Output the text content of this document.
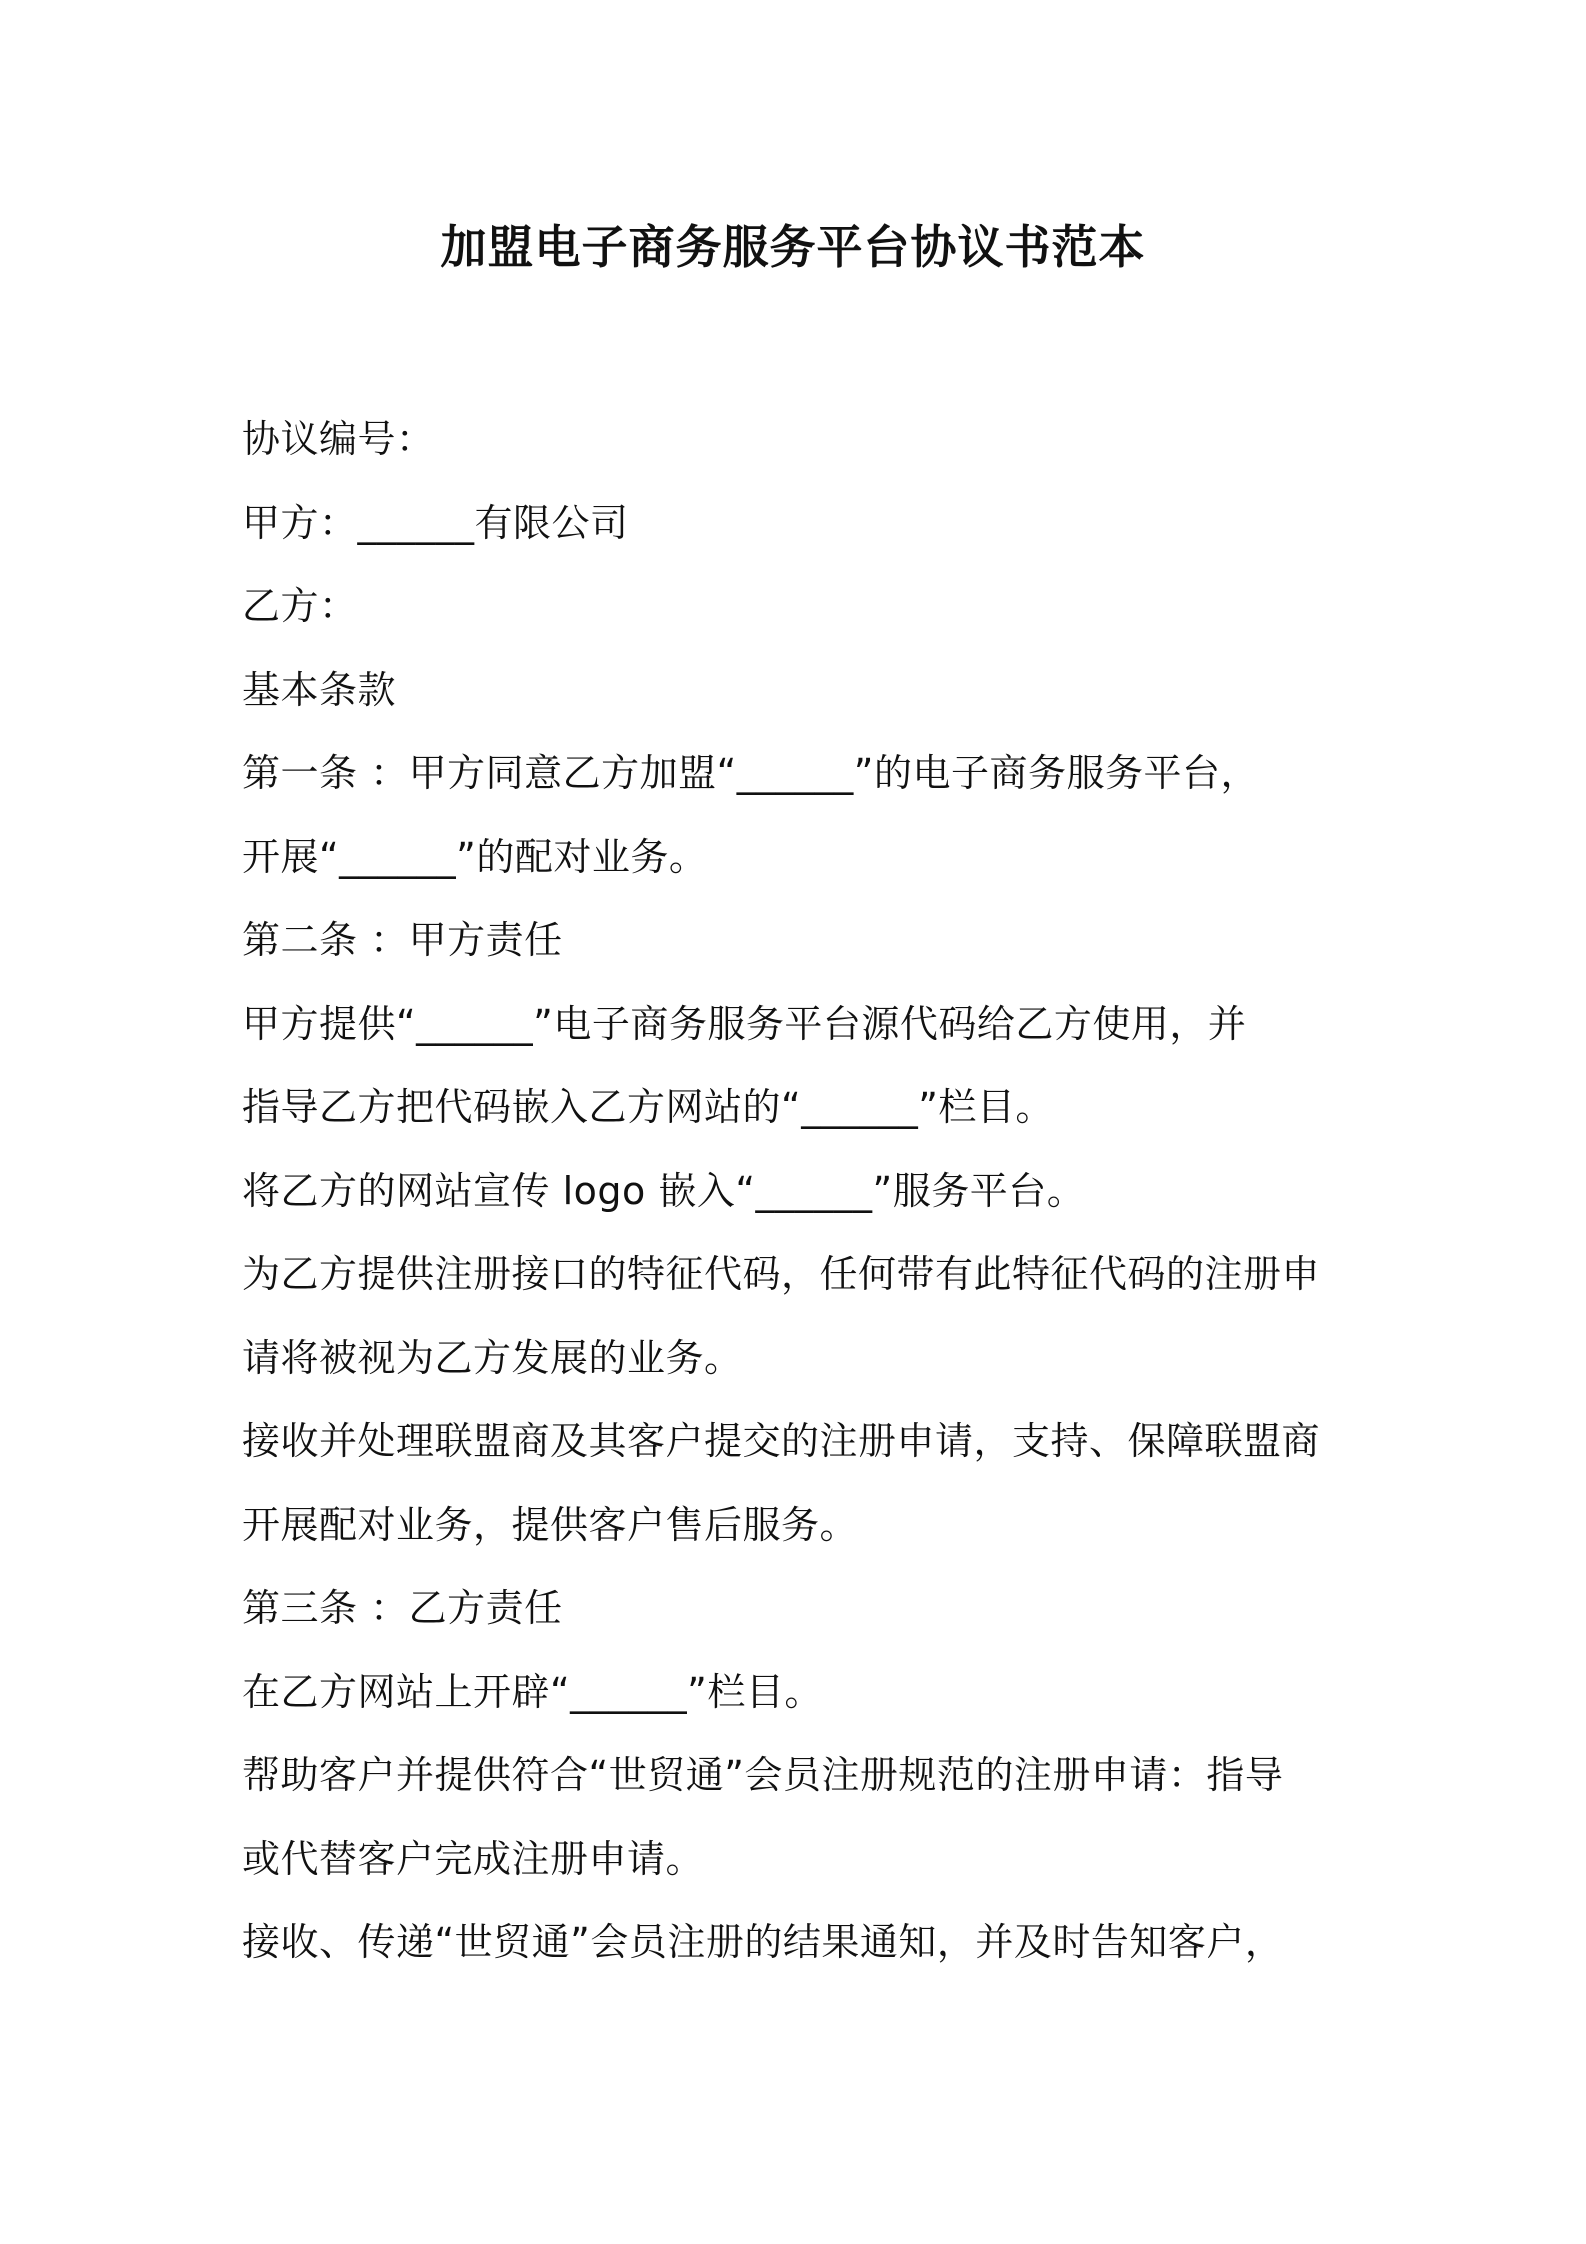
加盟电子商务服务平台协议书范本

协议编号：

甲方：______有限公司

乙方：

基本条款

第一条 ：甲方同意乙方加盟“______”的电子商务服务平台，

开展“______”的配对业务。

第二条 ：甲方责任

甲方提供“______”电子商务服务平台源代码给乙方使用，并

指导乙方把代码嵌入乙方网站的“______”栏目。

将乙方的网站宣传 logo 嵌入“______”服务平台。

为乙方提供注册接口的特征代码，任何带有此特征代码的注册申

请将被视为乙方发展的业务。

接收并处理联盟商及其客户提交的注册申请，支持、保障联盟商

开展配对业务，提供客户售后服务。

第三条 ：乙方责任

在乙方网站上开辟“______”栏目。

帮助客户并提供符合“世贸通”会员注册规范的注册申请：指导

或代替客户完成注册申请。

接收、传递“世贸通”会员注册的结果通知，并及时告知客户，
